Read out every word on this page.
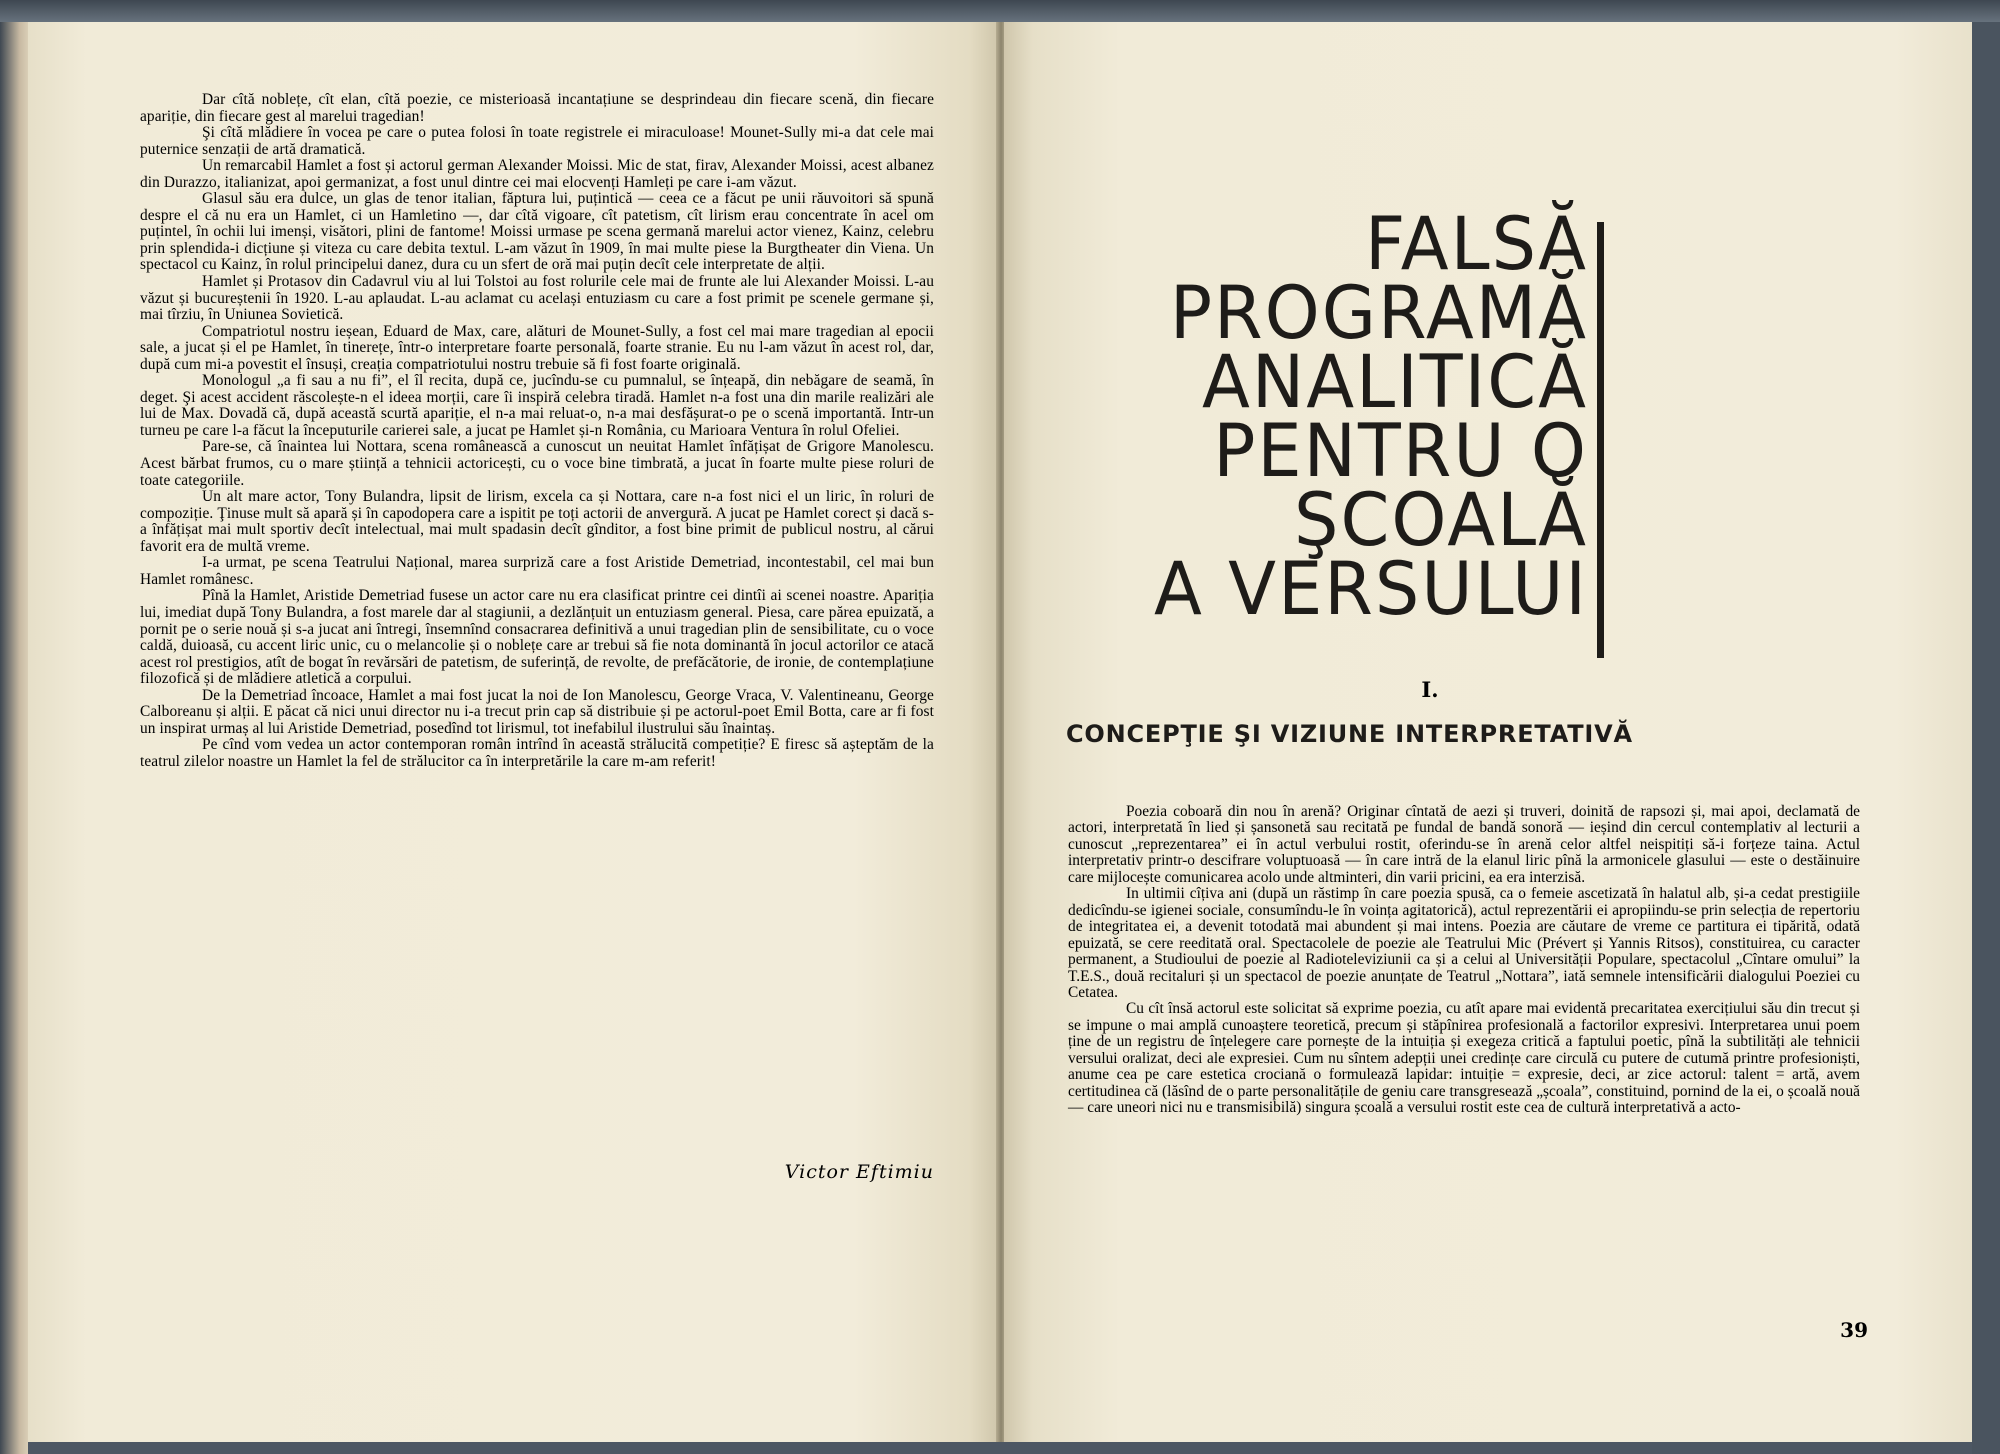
Dar cîtă noblețe, cît elan, cîtă poezie, ce misterioasă incantațiune se desprindeau din fiecare scenă, din fiecare apariție, din fiecare gest al marelui tragedian!

Şi cîtă mlădiere în vocea pe care o putea folosi în toate registrele ei miraculoase! Mounet-Sully mi-a dat cele mai puternice senzații de artă dramatică.

Un remarcabil Hamlet a fost și actorul german Alexander Moissi. Mic de stat, firav, Alexander Moissi, acest albanez din Durazzo, italianizat, apoi germanizat, a fost unul dintre cei mai elocvenți Hamleți pe care i-am văzut.

Glasul său era dulce, un glas de tenor italian, făptura lui, puțintică — ceea ce a făcut pe unii răuvoitori să spună despre el că nu era un Hamlet, ci un Hamletino —, dar cîtă vigoare, cît patetism, cît lirism erau concentrate în acel om puțintel, în ochii lui imenși, visători, plini de fantome! Moissi urmase pe scena germană marelui actor vienez, Kainz, celebru prin splendida-i dicțiune și viteza cu care debita textul. L-am văzut în 1909, în mai multe piese la Burgtheater din Viena. Un spectacol cu Kainz, în rolul principelui danez, dura cu un sfert de oră mai puțin decît cele interpretate de alții.

Hamlet și Protasov din Cadavrul viu al lui Tolstoi au fost rolurile cele mai de frunte ale lui Alexander Moissi. L-au văzut și bucureștenii în 1920. L-au aplaudat. L-au aclamat cu același entuziasm cu care a fost primit pe scenele germane și, mai tîrziu, în Uniunea Sovietică.

Compatriotul nostru ieșean, Eduard de Max, care, alături de Mounet-Sully, a fost cel mai mare tragedian al epocii sale, a jucat și el pe Hamlet, în tinerețe, într-o interpretare foarte personală, foarte stranie. Eu nu l-am văzut în acest rol, dar, după cum mi-a povestit el însuși, creația compatriotului nostru trebuie să fi fost foarte originală.

Monologul „a fi sau a nu fi”, el îl recita, după ce, jucîndu-se cu pumnalul, se înțeapă, din nebăgare de seamă, în deget. Şi acest accident răscolește-n el ideea morții, care îi inspiră celebra tiradă. Hamlet n-a fost una din marile realizări ale lui de Max. Dovadă că, după această scurtă apariție, el n-a mai reluat-o, n-a mai desfășurat-o pe o scenă importantă. Intr-un turneu pe care l-a făcut la începuturile carierei sale, a jucat pe Hamlet și-n România, cu Marioara Ventura în rolul Ofeliei.

Pare-se, că înaintea lui Nottara, scena românească a cunoscut un neuitat Hamlet înfățișat de Grigore Manolescu. Acest bărbat frumos, cu o mare știință a tehnicii actoricești, cu o voce bine timbrată, a jucat în foarte multe piese roluri de toate categoriile.

Un alt mare actor, Tony Bulandra, lipsit de lirism, excela ca și Nottara, care n-a fost nici el un liric, în roluri de compoziție. Ţinuse mult să apară și în capodopera care a ispitit pe toți actorii de anvergură. A jucat pe Hamlet corect și dacă s-a înfățișat mai mult sportiv decît intelectual, mai mult spadasin decît gînditor, a fost bine primit de publicul nostru, al cărui favorit era de multă vreme.

I-a urmat, pe scena Teatrului Național, marea surpriză care a fost Aristide Demetriad, incontestabil, cel mai bun Hamlet românesc.

Pînă la Hamlet, Aristide Demetriad fusese un actor care nu era clasificat printre cei dintîi ai scenei noastre. Apariția lui, imediat după Tony Bulandra, a fost marele dar al stagiunii, a dezlănțuit un entuziasm general. Piesa, care părea epuizată, a pornit pe o serie nouă și s-a jucat ani întregi, însemnînd consacrarea definitivă a unui tragedian plin de sensibilitate, cu o voce caldă, duioasă, cu accent liric unic, cu o melancolie și o noblețe care ar trebui să fie nota dominantă în jocul actorilor ce atacă acest rol prestigios, atît de bogat în revărsări de patetism, de suferință, de revolte, de prefăcătorie, de ironie, de contemplațiune filozofică și de mlădiere atletică a corpului.

De la Demetriad încoace, Hamlet a mai fost jucat la noi de Ion Manolescu, George Vraca, V. Valentineanu, George Calboreanu și alții. E păcat că nici unui director nu i-a trecut prin cap să distribuie și pe actorul-poet Emil Botta, care ar fi fost un inspirat urmaș al lui Aristide Demetriad, posedînd tot lirismul, tot inefabilul ilustrului său înaintaș.

Pe cînd vom vedea un actor contemporan român intrînd în această strălucită competiție? E firesc să așteptăm de la teatrul zilelor noastre un Hamlet la fel de strălucitor ca în interpretările la care m-am referit!

Victor Eftimiu
FALSĂ
PROGRAMĂ
ANALITICĂ
PENTRU O
ŞCOALĂ
A VERSULUI
I.
CONCEPŢIE ŞI VIZIUNE INTERPRETATIVĂ

Poezia coboară din nou în arenă? Originar cîntată de aezi și truveri, doinită de rapsozi și, mai apoi, declamată de actori, interpretată în lied și șansonetă sau recitată pe fundal de bandă sonoră — ieșind din cercul contemplativ al lecturii a cunoscut „reprezentarea” ei în actul verbului rostit, oferindu-se în arenă celor altfel neispitiți să-i forțeze taina. Actul interpretativ printr-o descifrare voluptuoasă — în care intră de la elanul liric pînă la armonicele glasului — este o destăinuire care mijlocește comunicarea acolo unde altminteri, din varii pricini, ea era interzisă.

In ultimii cîțiva ani (după un răstimp în care poezia spusă, ca o femeie ascetizată în halatul alb, și-a cedat prestigiile dedicîndu-se igienei sociale, consumîndu-le în voința agitatorică), actul reprezentării ei apropiindu-se prin selecția de repertoriu de integritatea ei, a devenit totodată mai abundent și mai intens. Poezia are căutare de vreme ce partitura ei tipărită, odată epuizată, se cere reeditată oral. Spectacolele de poezie ale Teatrului Mic (Prévert și Yannis Ritsos), constituirea, cu caracter permanent, a Studioului de poezie al Radioteleviziunii ca și a celui al Universității Populare, spectacolul „Cîntare omului” la T.E.S., două recitaluri și un spectacol de poezie anunțate de Teatrul „Nottara”, iată semnele intensificării dialogului Poeziei cu Cetatea.

Cu cît însă actorul este solicitat să exprime poezia, cu atît apare mai evidentă precaritatea exercițiului său din trecut și se impune o mai amplă cunoaștere teoretică, precum și stăpînirea profesională a factorilor expresivi. Interpretarea unui poem ține de un registru de înțelegere care pornește de la intuiția și exegeza critică a faptului poetic, pînă la subtilități ale tehnicii versului oralizat, deci ale expresiei. Cum nu sîntem adepții unei credințe care circulă cu putere de cutumă printre profesioniști, anume cea pe care estetica crociană o formulează lapidar: intuiție = expresie, deci, ar zice actorul: talent = artă, avem certitudinea că (lăsînd de o parte personalitățile de geniu care transgresează „școala”, constituind, pornind de la ei, o școală nouă — care uneori nici nu e transmisibilă) singura școală a versului rostit este cea de cultură interpretativă a acto-

39
